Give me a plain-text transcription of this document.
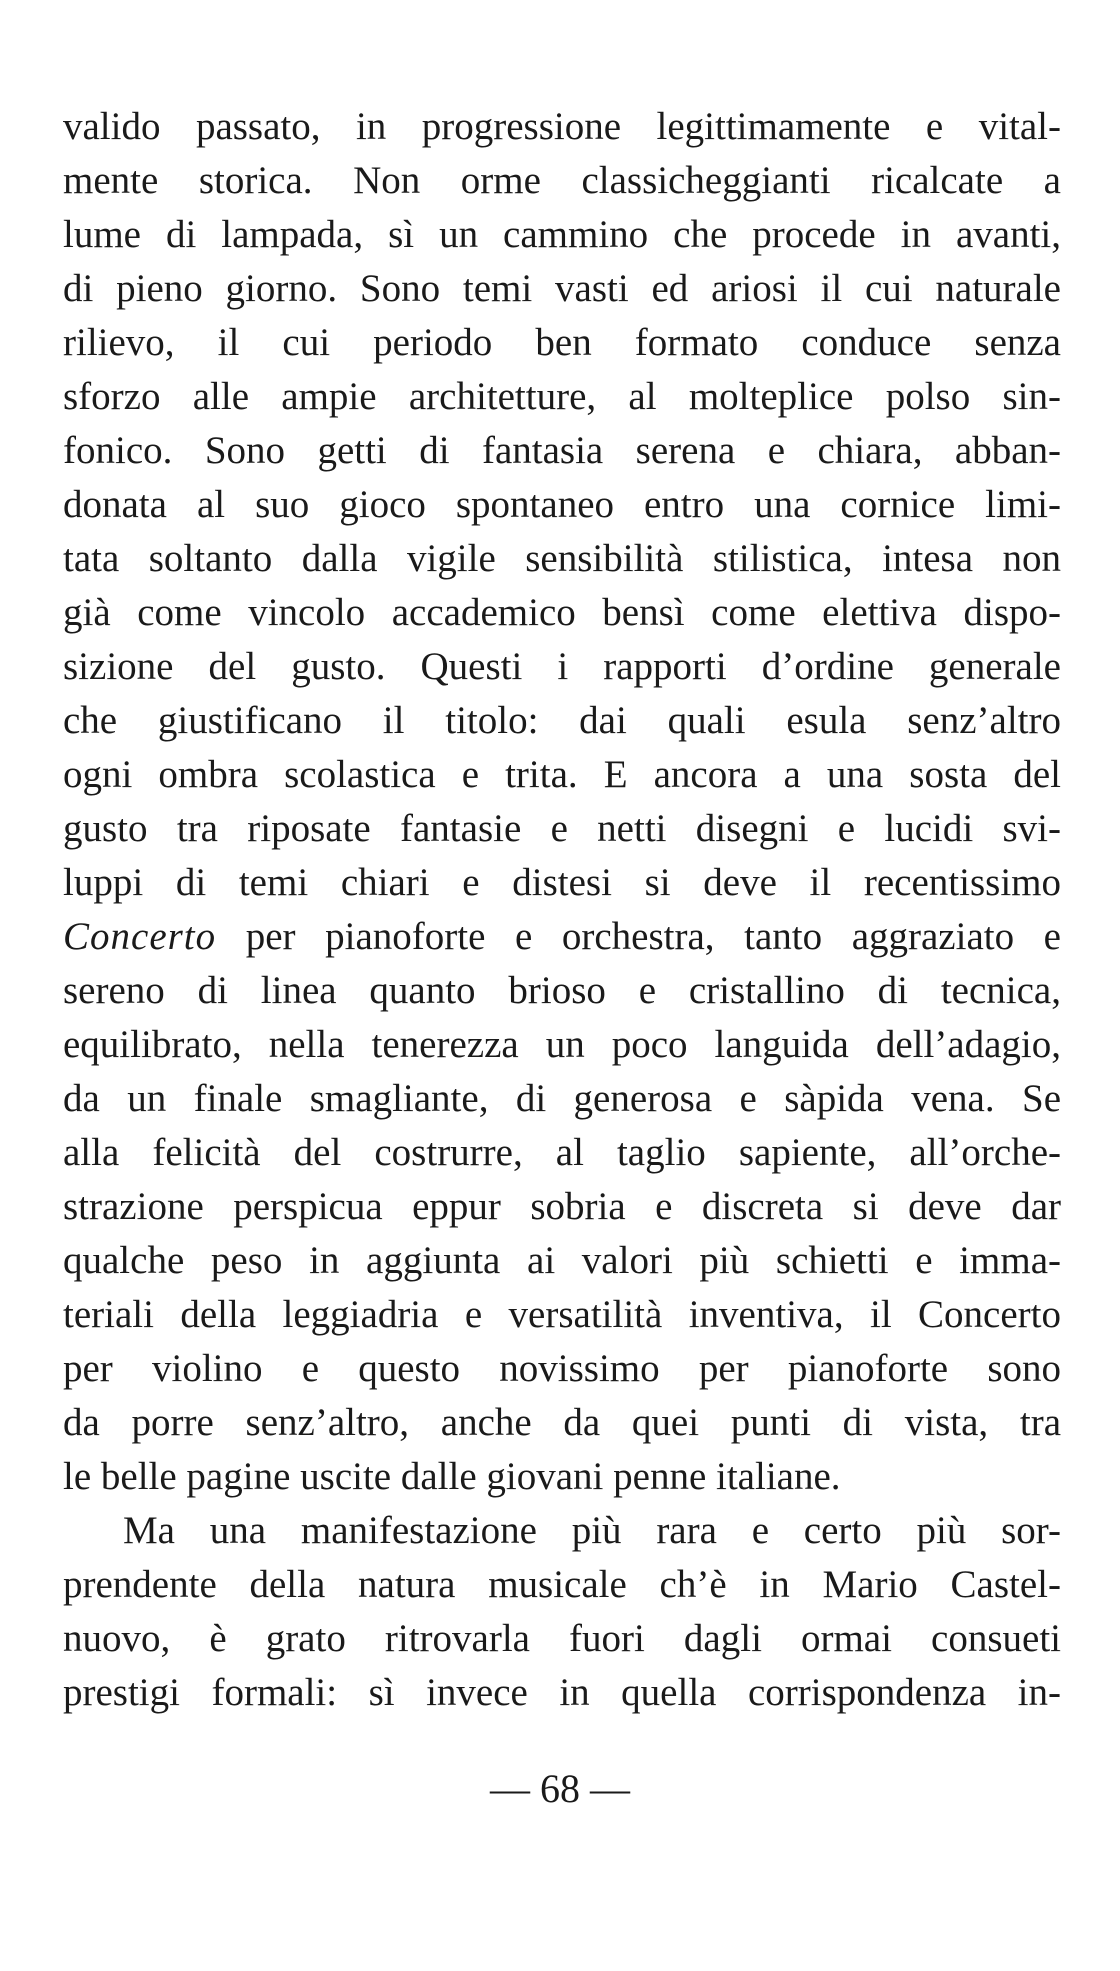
valido passato, in progressione legittimamente e vital-
mente storica. Non orme classicheggianti ricalcate a
lume di lampada, sì un cammino che procede in avanti,
di pieno giorno. Sono temi vasti ed ariosi il cui naturale
rilievo, il cui periodo ben formato conduce senza
sforzo alle ampie architetture, al molteplice polso sin-
fonico. Sono getti di fantasia serena e chiara, abban-
donata al suo gioco spontaneo entro una cornice limi-
tata soltanto dalla vigile sensibilità stilistica, intesa non
già come vincolo accademico bensì come elettiva dispo-
sizione del gusto. Questi i rapporti d’ordine generale
che giustificano il titolo: dai quali esula senz’altro
ogni ombra scolastica e trita. E ancora a una sosta del
gusto tra riposate fantasie e netti disegni e lucidi svi-
luppi di temi chiari e distesi si deve il recentissimo
Concerto per pianoforte e orchestra, tanto aggraziato e
sereno di linea quanto brioso e cristallino di tecnica,
equilibrato, nella tenerezza un poco languida dell’adagio,
da un finale smagliante, di generosa e sàpida vena. Se
alla felicità del costrurre, al taglio sapiente, all’orche-
strazione perspicua eppur sobria e discreta si deve dar
qualche peso in aggiunta ai valori più schietti e imma-
teriali della leggiadria e versatilità inventiva, il Concerto
per violino e questo novissimo per pianoforte sono
da porre senz’altro, anche da quei punti di vista, tra
le belle pagine uscite dalle giovani penne italiane.
Ma una manifestazione più rara e certo più sor-
prendente della natura musicale ch’è in Mario Castel-
nuovo, è grato ritrovarla fuori dagli ormai consueti
prestigi formali: sì invece in quella corrispondenza in-
— 68 —
